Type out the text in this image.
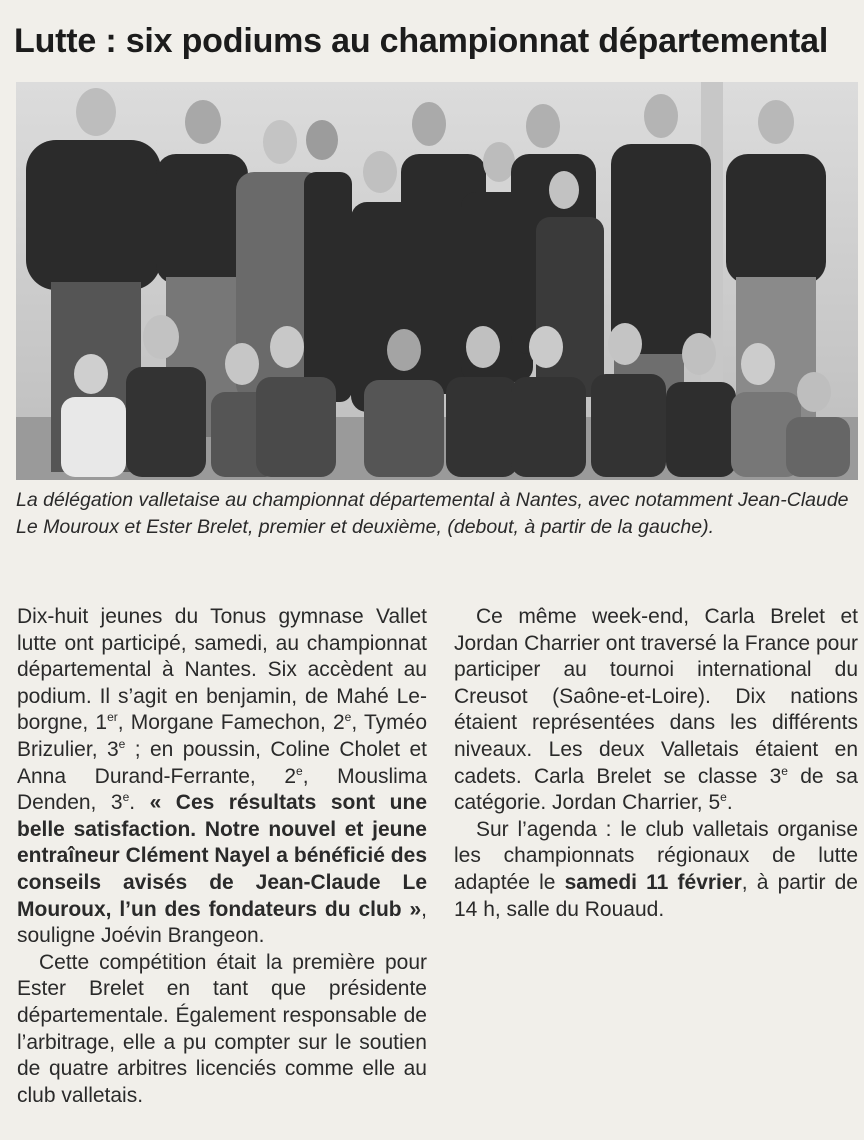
Lutte : six podiums au championnat départemental

La délégation valletaise au championnat départemental à Nantes, avec notamment Jean-Claude Le Mouroux et Ester Brelet, premier et deuxième, (debout, à partir de la gauche).

Dix-huit jeunes du Tonus gymnase Vallet lutte ont participé, samedi, au championnat départemental à Nantes. Six accèdent au podium. Il s’agit en benjamin, de Mahé Leborgne, 1er, Morgane Famechon, 2e, Tyméo Brizulier, 3e ; en poussin, Coline Cholet et Anna Durand-Ferrante, 2e, Mouslima Denden, 3e. « Ces résultats sont une belle satisfaction. Notre nouvel et jeune entraîneur Clément Nayel a bénéficié des conseils avisés de Jean-Claude Le Mouroux, l’un des fondateurs du club », souligne Joévin Brangeon.

Cette compétition était la première pour Ester Brelet en tant que présidente départementale. Également responsable de l’arbitrage, elle a pu compter sur le soutien de quatre arbitres licenciés comme elle au club valletais.

Ce même week-end, Carla Brelet et Jordan Charrier ont traversé la France pour participer au tournoi international du Creusot (Saône-et-Loire). Dix nations étaient représentées dans les différents niveaux. Les deux Valletais étaient en cadets. Carla Brelet se classe 3e de sa catégorie. Jordan Charrier, 5e.

Sur l’agenda : le club valletais organise les championnats régionaux de lutte adaptée le samedi 11 février, à partir de 14 h, salle du Rouaud.
